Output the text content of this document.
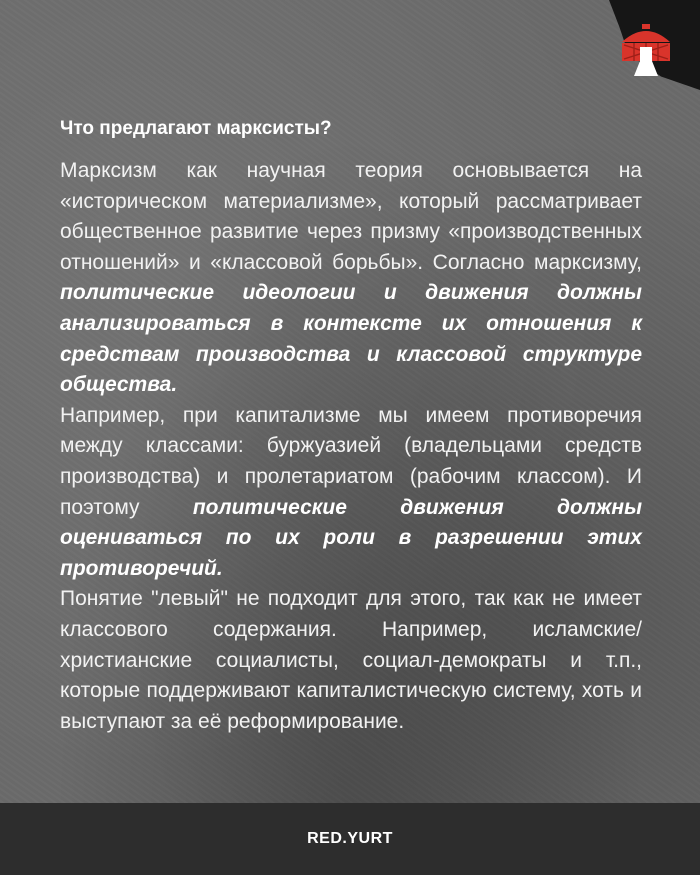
Что предлагают марксисты?

Марксизм как научная теория основывается на «историческом материализме», который рассматривает общественное развитие через призму «производственных отношений» и «классовой борьбы». Согласно марксизму, политические идеологии и движения должны анализироваться в контексте их отношения к средствам производства и классовой структуре общества.

Например, при капитализме мы имеем противоречия между классами: буржуазией (владельцами средств производства) и пролетариатом (рабочим классом). И поэтому политические движения должны оцениваться по их роли в разрешении этих противоречий.

Понятие "левый" не подходит для этого, так как не имеет классового содержания. Например, исламские/христианские социалисты, социал-демократы и т.п., которые поддерживают капиталистическую систему, хоть и выступают за её реформирование.

RED.YURT
